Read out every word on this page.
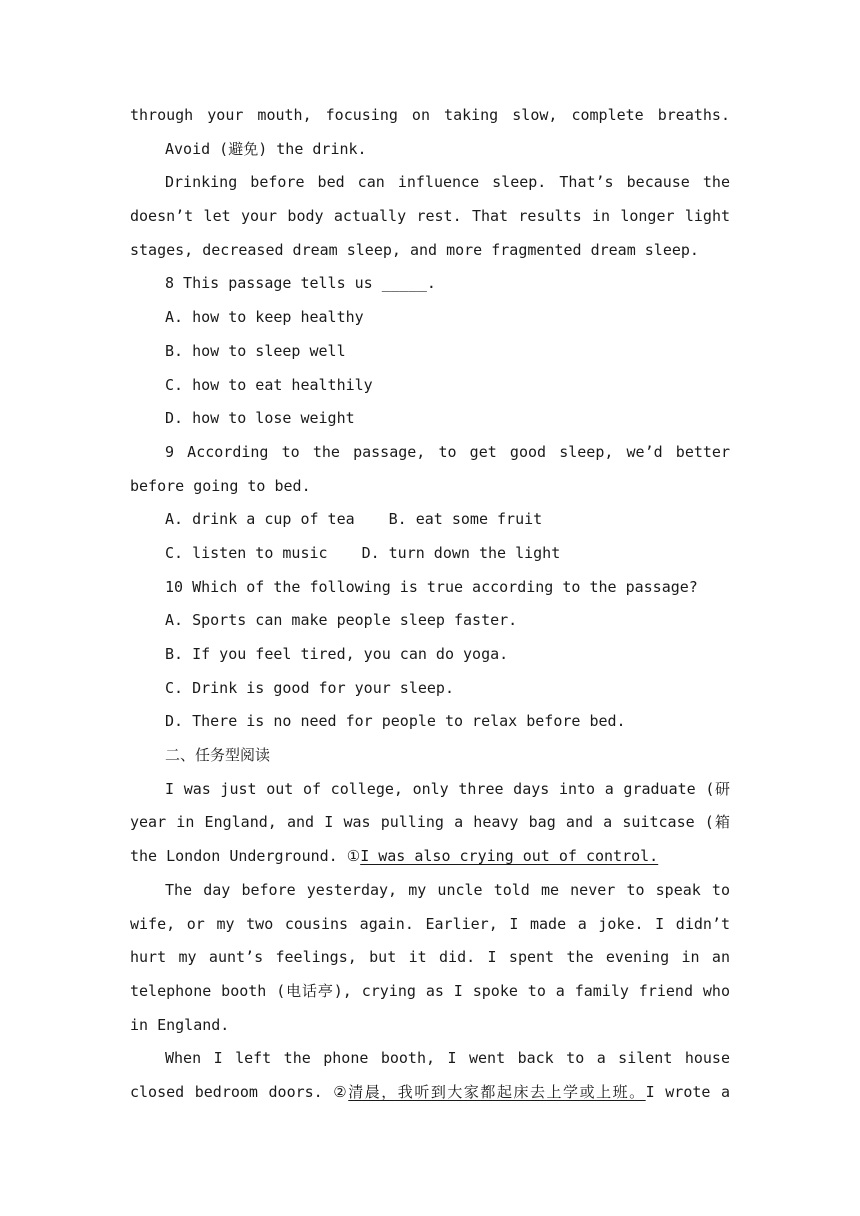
through your mouth, focusing on taking slow, complete breaths.
Avoid (避免) the drink.
Drinking before bed can influence sleep. That’s because the
doesn’t let your body actually rest. That results in longer light
stages, decreased dream sleep, and more fragmented dream sleep.
8 This passage tells us _____.
A. how to keep healthy
B. how to sleep well
C. how to eat healthily
D. how to lose weight
9 According to the passage, to get good sleep, we’d better
before going to bed.
A. drink a cup of tea B. eat some fruit
C. listen to music D. turn down the light
10 Which of the following is true according to the passage?
A. Sports can make people sleep faster.
B. If you feel tired, you can do yoga.
C. Drink is good for your sleep.
D. There is no need for people to relax before bed.
二、任务型阅读
I was just out of college, only three days into a graduate (研
year in England, and I was pulling a heavy bag and a suitcase (箱
the London Underground. ①I was also crying out of control.
The day before yesterday, my uncle told me never to speak to
wife, or my two cousins again. Earlier, I made a joke. I didn’t
hurt my aunt’s feelings, but it did. I spent the evening in an
telephone booth (电话亭), crying as I spoke to a family friend who
in England.
When I left the phone booth, I went back to a silent house
closed bedroom doors. ②清晨，我听到大家都起床去上学或上班。I wrote a
